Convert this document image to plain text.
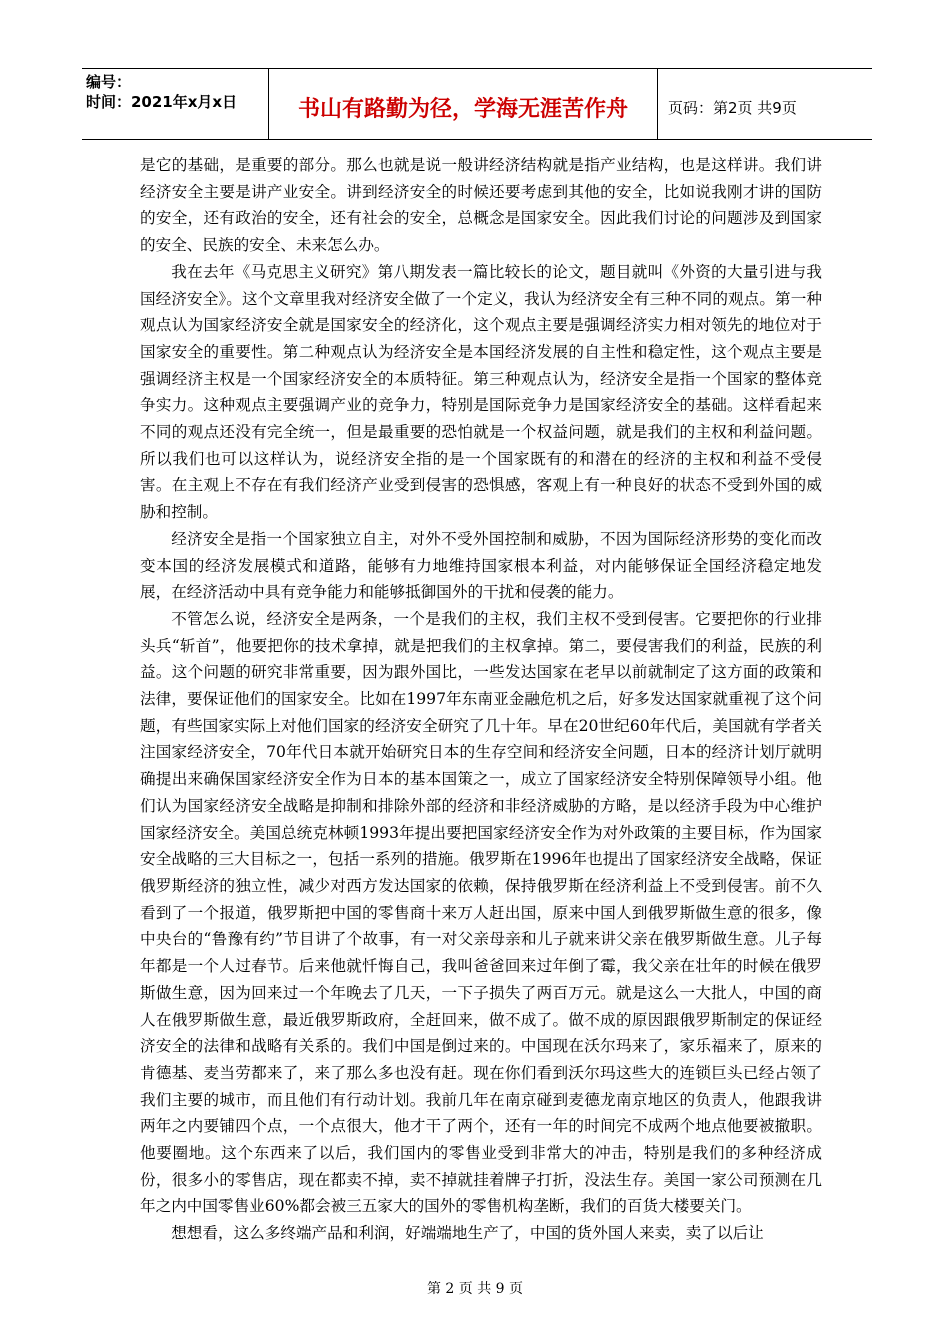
编号：
时间：2021年x月x日	书山有路勤为径，学海无涯苦作舟	页码：第2页 共9页

是它的基础，是重要的部分。那么也就是说一般讲经济结构就是指产业结构，也是这样讲。我们讲经济安全主要是讲产业安全。讲到经济安全的时候还要考虑到其他的安全，比如说我刚才讲的国防的安全，还有政治的安全，还有社会的安全，总概念是国家安全。因此我们讨论的问题涉及到国家的安全、民族的安全、未来怎么办。

我在去年《马克思主义研究》第八期发表一篇比较长的论文，题目就叫《外资的大量引进与我国经济安全》。这个文章里我对经济安全做了一个定义，我认为经济安全有三种不同的观点。第一种观点认为国家经济安全就是国家安全的经济化，这个观点主要是强调经济实力相对领先的地位对于国家安全的重要性。第二种观点认为经济安全是本国经济发展的自主性和稳定性，这个观点主要是强调经济主权是一个国家经济安全的本质特征。第三种观点认为，经济安全是指一个国家的整体竞争实力。这种观点主要强调产业的竞争力，特别是国际竞争力是国家经济安全的基础。这样看起来不同的观点还没有完全统一，但是最重要的恐怕就是一个权益问题，就是我们的主权和利益问题。所以我们也可以这样认为，说经济安全指的是一个国家既有的和潜在的经济的主权和利益不受侵害。在主观上不存在有我们经济产业受到侵害的恐惧感，客观上有一种良好的状态不受到外国的威胁和控制。

经济安全是指一个国家独立自主，对外不受外国控制和威胁，不因为国际经济形势的变化而改变本国的经济发展模式和道路，能够有力地维持国家根本利益，对内能够保证全国经济稳定地发展，在经济活动中具有竞争能力和能够抵御国外的干扰和侵袭的能力。

不管怎么说，经济安全是两条，一个是我们的主权，我们主权不受到侵害。它要把你的行业排头兵“斩首”，他要把你的技术拿掉，就是把我们的主权拿掉。第二，要侵害我们的利益，民族的利益。这个问题的研究非常重要，因为跟外国比，一些发达国家在老早以前就制定了这方面的政策和法律，要保证他们的国家安全。比如在1997年东南亚金融危机之后，好多发达国家就重视了这个问题，有些国家实际上对他们国家的经济安全研究了几十年。早在20世纪60年代后，美国就有学者关注国家经济安全，70年代日本就开始研究日本的生存空间和经济安全问题，日本的经济计划厅就明确提出来确保国家经济安全作为日本的基本国策之一，成立了国家经济安全特别保障领导小组。他们认为国家经济安全战略是抑制和排除外部的经济和非经济威胁的方略，是以经济手段为中心维护国家经济安全。美国总统克林顿1993年提出要把国家经济安全作为对外政策的主要目标，作为国家安全战略的三大目标之一，包括一系列的措施。俄罗斯在1996年也提出了国家经济安全战略，保证俄罗斯经济的独立性，减少对西方发达国家的依赖，保持俄罗斯在经济利益上不受到侵害。前不久看到了一个报道，俄罗斯把中国的零售商十来万人赶出国，原来中国人到俄罗斯做生意的很多，像中央台的“鲁豫有约”节目讲了个故事，有一对父亲母亲和儿子就来讲父亲在俄罗斯做生意。儿子每年都是一个人过春节。后来他就忏悔自己，我叫爸爸回来过年倒了霉，我父亲在壮年的时候在俄罗斯做生意，因为回来过一个年晚去了几天，一下子损失了两百万元。就是这么一大批人，中国的商人在俄罗斯做生意，最近俄罗斯政府，全赶回来，做不成了。做不成的原因跟俄罗斯制定的保证经济安全的法律和战略有关系的。我们中国是倒过来的。中国现在沃尔玛来了，家乐福来了，原来的肯德基、麦当劳都来了，来了那么多也没有赶。现在你们看到沃尔玛这些大的连锁巨头已经占领了我们主要的城市，而且他们有行动计划。我前几年在南京碰到麦德龙南京地区的负责人，他跟我讲两年之内要铺四个点，一个点很大，他才干了两个，还有一年的时间完不成两个地点他要被撤职。他要圈地。这个东西来了以后，我们国内的零售业受到非常大的冲击，特别是我们的多种经济成份，很多小的零售店，现在都卖不掉，卖不掉就挂着牌子打折，没法生存。美国一家公司预测在几年之内中国零售业60%都会被三五家大的国外的零售机构垄断，我们的百货大楼要关门。

想想看，这么多终端产品和利润，好端端地生产了，中国的货外国人来卖，卖了以后让

第 2 页 共 9 页
